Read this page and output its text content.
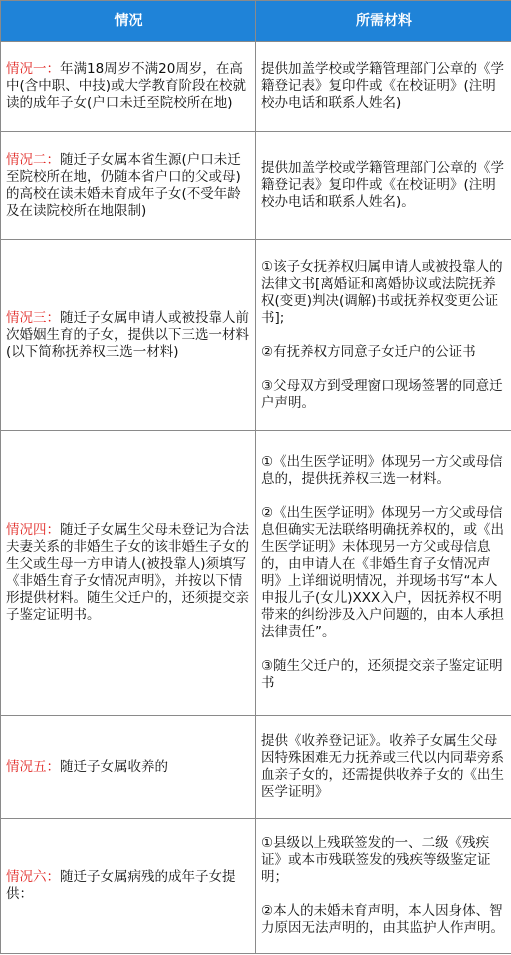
情况	所需材料
情况一：年满18周岁不满20周岁，在高中(含中职、中技)或大学教育阶段在校就读的成年子女(户口未迁至院校所在地)	提供加盖学校或学籍管理部门公章的《学籍登记表》复印件或《在校证明》(注明校办电话和联系人姓名)

情况二：随迁子女属本省生源(户口未迁至院校所在地，仍随本省户口的父或母)的高校在读未婚未育成年子女(不受年龄及在读院校所在地限制)	提供加盖学校或学籍管理部门公章的《学籍登记表》复印件或《在校证明》(注明校办电话和联系人姓名)。

情况三：随迁子女属申请人或被投靠人前次婚姻生育的子女，提供以下三选一材料(以下简称抚养权三选一材料)	①该子女抚养权归属申请人或被投靠人的法律文书[离婚证和离婚协议或法院抚养权(变更)判决(调解)书或抚养权变更公证书];

②有抚养权方同意子女迁户的公证书

③父母双方到受理窗口现场签署的同意迁户声明。

情况四：随迁子女属生父母未登记为合法夫妻关系的非婚生子女的该非婚生子女的生父或生母一方申请人(被投靠人)须填写《非婚生育子女情况声明》，并按以下情形提供材料。随生父迁户的，还须提交亲子鉴定证明书。	①《出生医学证明》体现另一方父或母信息的，提供抚养权三选一材料。

②《出生医学证明》体现另一方父或母信息但确实无法联络明确抚养权的，或《出生医学证明》未体现另一方父或母信息的，由申请人在《非婚生育子女情况声明》上详细说明情况，并现场书写“本人申报儿子(女儿)XXX入户，因抚养权不明带来的纠纷涉及入户问题的，由本人承担法律责任”。

③随生父迁户的，还须提交亲子鉴定证明书

情况五：随迁子女属收养的	提供《收养登记证》。收养子女属生父母因特殊困难无力抚养或三代以内同辈旁系血亲子女的，还需提供收养子女的《出生医学证明》

情况六：随迁子女属病残的成年子女提供：	①县级以上残联签发的一、二级《残疾证》或本市残联签发的残疾等级鉴定证明；

②本人的未婚未育声明，本人因身体、智力原因无法声明的，由其监护人作声明。
